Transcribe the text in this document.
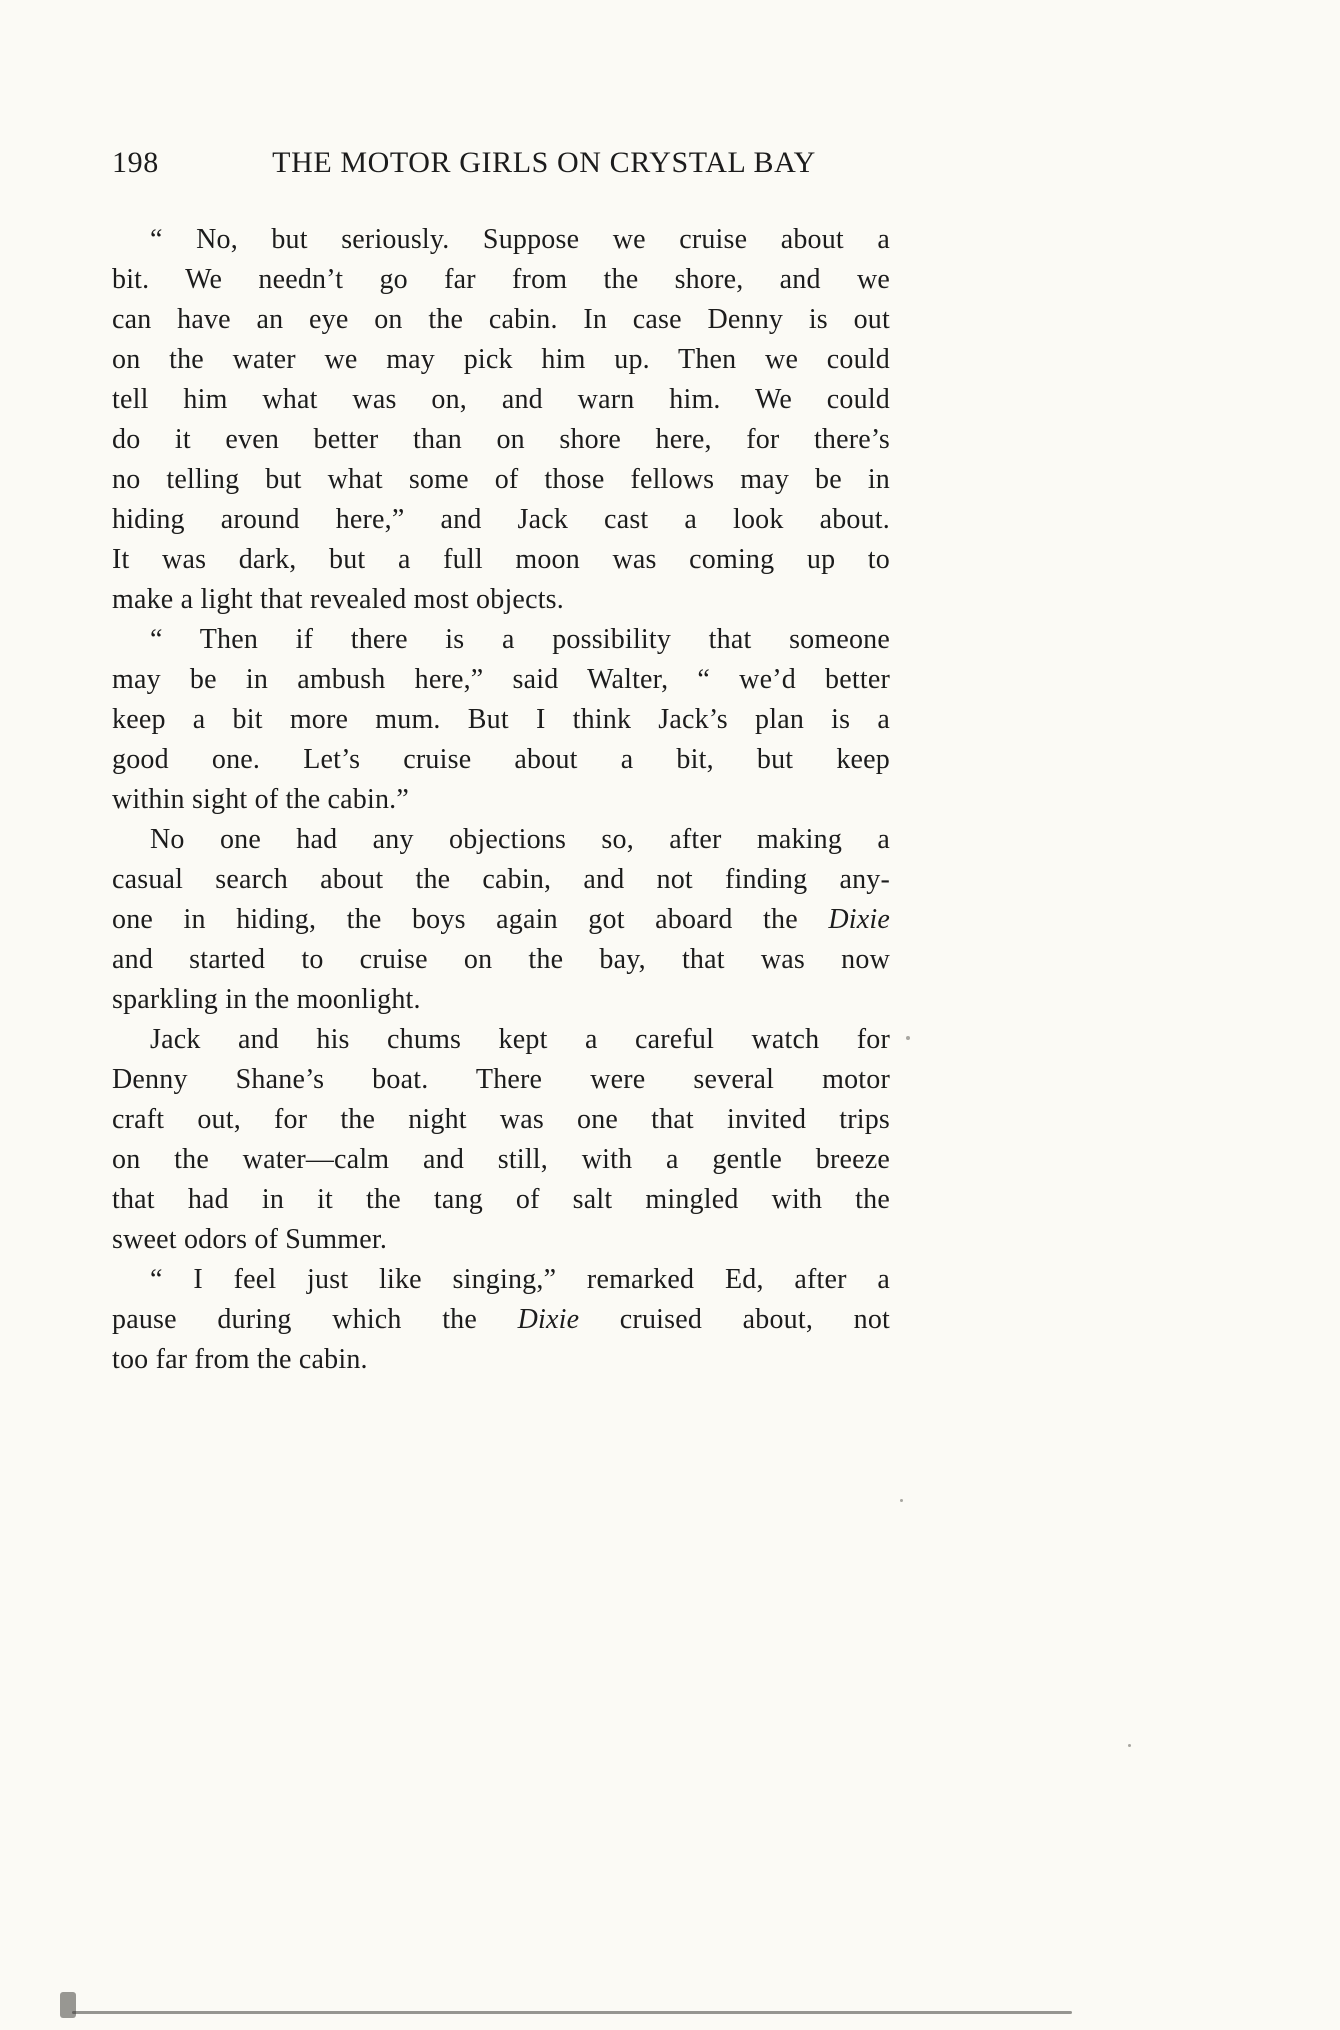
198	THE MOTOR GIRLS ON CRYSTAL BAY

“ No, but seriously. Suppose we cruise about a
bit. We needn’t go far from the shore, and we
can have an eye on the cabin. In case Denny is out
on the water we may pick him up. Then we could
tell him what was on, and warn him. We could
do it even better than on shore here, for there’s
no telling but what some of those fellows may be in
hiding around here,” and Jack cast a look about.
It was dark, but a full moon was coming up to
make a light that revealed most objects.

“ Then if there is a possibility that someone
may be in ambush here,” said Walter, “ we’d better
keep a bit more mum. But I think Jack’s plan is a
good one. Let’s cruise about a bit, but keep
within sight of the cabin.”

No one had any objections so, after making a
casual search about the cabin, and not finding any-
one in hiding, the boys again got aboard the Dixie
and started to cruise on the bay, that was now
sparkling in the moonlight.

Jack and his chums kept a careful watch for
Denny Shane’s boat. There were several motor
craft out, for the night was one that invited trips
on the water—calm and still, with a gentle breeze
that had in it the tang of salt mingled with the
sweet odors of Summer.

“ I feel just like singing,” remarked Ed, after a
pause during which the Dixie cruised about, not
too far from the cabin.
